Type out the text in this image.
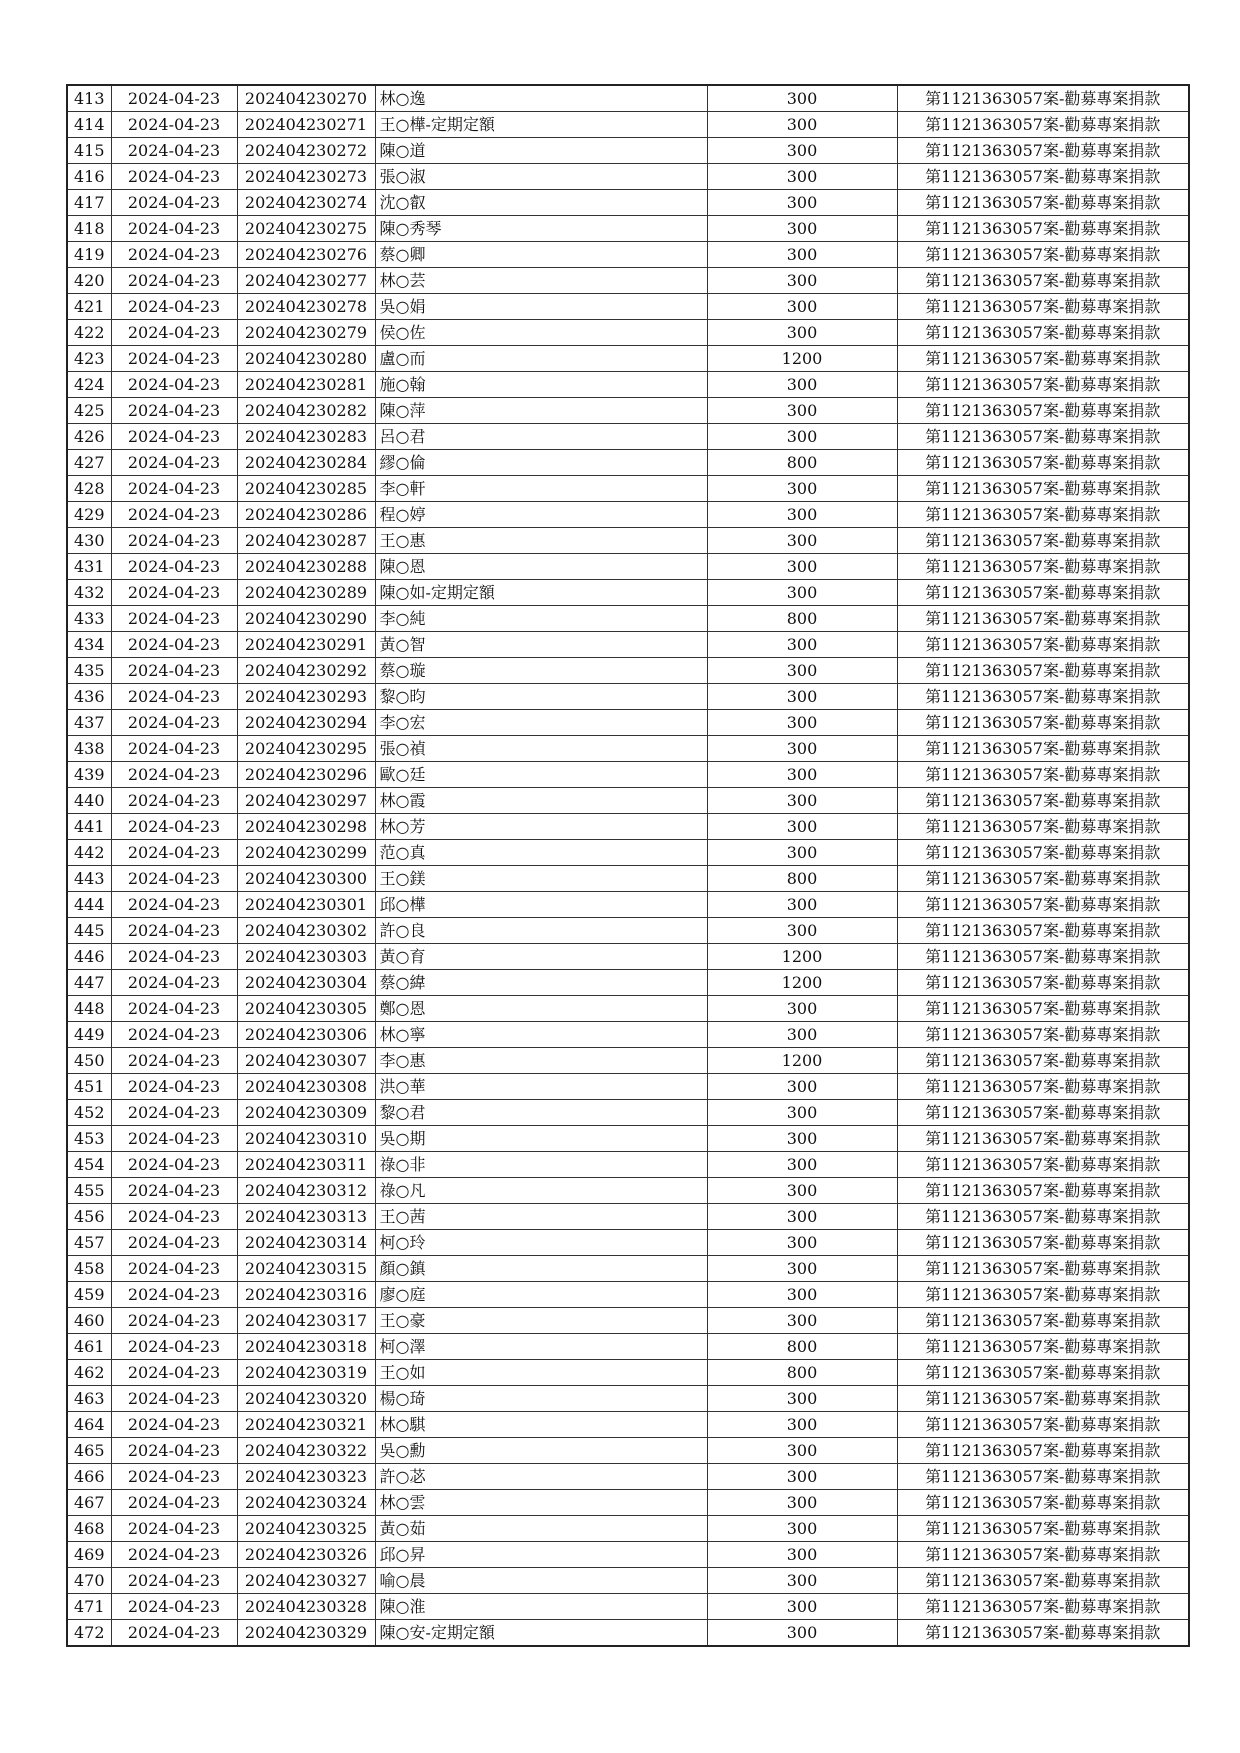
413	2024-04-23	202404230270	林○逸	300	第1121363057案-勸募專案捐款
414	2024-04-23	202404230271	王○樺-定期定額	300	第1121363057案-勸募專案捐款
415	2024-04-23	202404230272	陳○道	300	第1121363057案-勸募專案捐款
416	2024-04-23	202404230273	張○淑	300	第1121363057案-勸募專案捐款
417	2024-04-23	202404230274	沈○叡	300	第1121363057案-勸募專案捐款
418	2024-04-23	202404230275	陳○秀琴	300	第1121363057案-勸募專案捐款
419	2024-04-23	202404230276	蔡○卿	300	第1121363057案-勸募專案捐款
420	2024-04-23	202404230277	林○芸	300	第1121363057案-勸募專案捐款
421	2024-04-23	202404230278	吳○娟	300	第1121363057案-勸募專案捐款
422	2024-04-23	202404230279	侯○佐	300	第1121363057案-勸募專案捐款
423	2024-04-23	202404230280	盧○而	1200	第1121363057案-勸募專案捐款
424	2024-04-23	202404230281	施○翰	300	第1121363057案-勸募專案捐款
425	2024-04-23	202404230282	陳○萍	300	第1121363057案-勸募專案捐款
426	2024-04-23	202404230283	呂○君	300	第1121363057案-勸募專案捐款
427	2024-04-23	202404230284	繆○倫	800	第1121363057案-勸募專案捐款
428	2024-04-23	202404230285	李○軒	300	第1121363057案-勸募專案捐款
429	2024-04-23	202404230286	程○婷	300	第1121363057案-勸募專案捐款
430	2024-04-23	202404230287	王○惠	300	第1121363057案-勸募專案捐款
431	2024-04-23	202404230288	陳○恩	300	第1121363057案-勸募專案捐款
432	2024-04-23	202404230289	陳○如-定期定額	300	第1121363057案-勸募專案捐款
433	2024-04-23	202404230290	李○純	800	第1121363057案-勸募專案捐款
434	2024-04-23	202404230291	黃○智	300	第1121363057案-勸募專案捐款
435	2024-04-23	202404230292	蔡○璇	300	第1121363057案-勸募專案捐款
436	2024-04-23	202404230293	黎○昀	300	第1121363057案-勸募專案捐款
437	2024-04-23	202404230294	李○宏	300	第1121363057案-勸募專案捐款
438	2024-04-23	202404230295	張○禎	300	第1121363057案-勸募專案捐款
439	2024-04-23	202404230296	歐○廷	300	第1121363057案-勸募專案捐款
440	2024-04-23	202404230297	林○霞	300	第1121363057案-勸募專案捐款
441	2024-04-23	202404230298	林○芳	300	第1121363057案-勸募專案捐款
442	2024-04-23	202404230299	范○真	300	第1121363057案-勸募專案捐款
443	2024-04-23	202404230300	王○鎂	800	第1121363057案-勸募專案捐款
444	2024-04-23	202404230301	邱○樺	300	第1121363057案-勸募專案捐款
445	2024-04-23	202404230302	許○良	300	第1121363057案-勸募專案捐款
446	2024-04-23	202404230303	黃○育	1200	第1121363057案-勸募專案捐款
447	2024-04-23	202404230304	蔡○緯	1200	第1121363057案-勸募專案捐款
448	2024-04-23	202404230305	鄭○恩	300	第1121363057案-勸募專案捐款
449	2024-04-23	202404230306	林○寧	300	第1121363057案-勸募專案捐款
450	2024-04-23	202404230307	李○惠	1200	第1121363057案-勸募專案捐款
451	2024-04-23	202404230308	洪○華	300	第1121363057案-勸募專案捐款
452	2024-04-23	202404230309	黎○君	300	第1121363057案-勸募專案捐款
453	2024-04-23	202404230310	吳○期	300	第1121363057案-勸募專案捐款
454	2024-04-23	202404230311	祿○非	300	第1121363057案-勸募專案捐款
455	2024-04-23	202404230312	祿○凡	300	第1121363057案-勸募專案捐款
456	2024-04-23	202404230313	王○茜	300	第1121363057案-勸募專案捐款
457	2024-04-23	202404230314	柯○玲	300	第1121363057案-勸募專案捐款
458	2024-04-23	202404230315	顏○鎮	300	第1121363057案-勸募專案捐款
459	2024-04-23	202404230316	廖○庭	300	第1121363057案-勸募專案捐款
460	2024-04-23	202404230317	王○豪	300	第1121363057案-勸募專案捐款
461	2024-04-23	202404230318	柯○澤	800	第1121363057案-勸募專案捐款
462	2024-04-23	202404230319	王○如	800	第1121363057案-勸募專案捐款
463	2024-04-23	202404230320	楊○琦	300	第1121363057案-勸募專案捐款
464	2024-04-23	202404230321	林○騏	300	第1121363057案-勸募專案捐款
465	2024-04-23	202404230322	吳○勳	300	第1121363057案-勸募專案捐款
466	2024-04-23	202404230323	許○苾	300	第1121363057案-勸募專案捐款
467	2024-04-23	202404230324	林○雲	300	第1121363057案-勸募專案捐款
468	2024-04-23	202404230325	黃○茹	300	第1121363057案-勸募專案捐款
469	2024-04-23	202404230326	邱○昇	300	第1121363057案-勸募專案捐款
470	2024-04-23	202404230327	喻○晨	300	第1121363057案-勸募專案捐款
471	2024-04-23	202404230328	陳○淮	300	第1121363057案-勸募專案捐款
472	2024-04-23	202404230329	陳○安-定期定額	300	第1121363057案-勸募專案捐款
